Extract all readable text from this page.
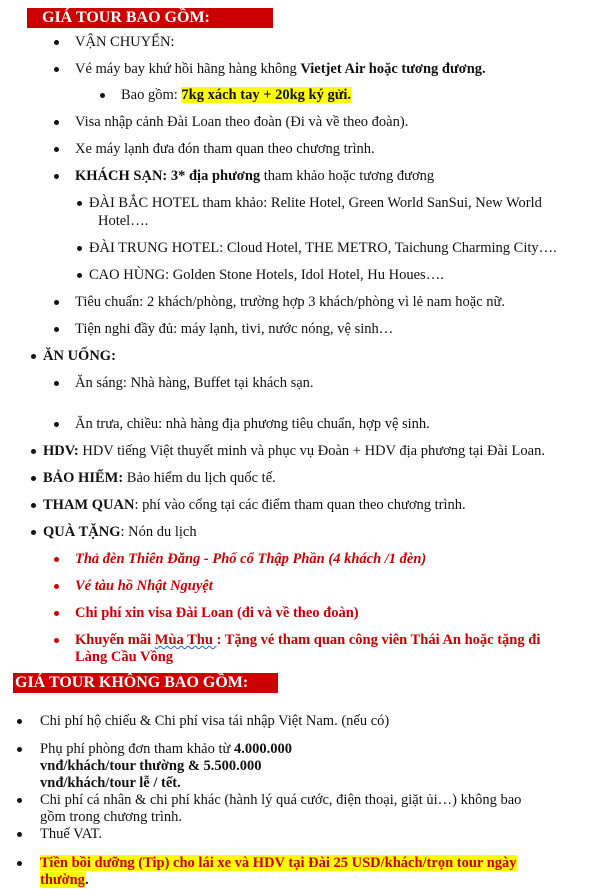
GIÁ TOUR BAO GỒM:
VẬN CHUYỂN:
Vé máy bay khứ hồi hãng hàng không Vietjet Air hoặc tương đương.
Bao gồm: 7kg xách tay + 20kg ký gửi.
Visa nhập cảnh Đài Loan theo đoàn (Đi và về theo đoàn).
Xe máy lạnh đưa đón tham quan theo chương trình.
KHÁCH SẠN: 3* địa phương tham khảo hoặc tương đương
ĐÀI BẮC HOTEL tham khảo: Relite Hotel, Green World SanSui, New World
Hotel….
ĐÀI TRUNG HOTEL: Cloud Hotel, THE METRO, Taichung Charming City….
CAO HÙNG: Golden Stone Hotels, Idol Hotel, Hu Houes….
Tiêu chuẩn: 2 khách/phòng, trường hợp 3 khách/phòng vì lẻ nam hoặc nữ.
Tiện nghi đầy đủ: máy lạnh, tivi, nước nóng, vệ sinh…
ĂN UỐNG:
Ăn sáng: Nhà hàng, Buffet tại khách sạn.
Ăn trưa, chiều: nhà hàng địa phương tiêu chuẩn, hợp vệ sinh.
HDV: HDV tiếng Việt thuyết minh và phục vụ Đoàn + HDV địa phương tại Đài Loan.
BẢO HIỂM: Bảo hiểm du lịch quốc tế.
THAM QUAN: phí vào cổng tại các điểm tham quan theo chương trình.
QUÀ TẶNG: Nón du lịch
Thả đèn Thiên Đăng - Phố cổ Thập Phần (4 khách /1 đèn)
Vé tàu hồ Nhật Nguyệt
Chi phí xin visa Đài Loan (đi và về theo đoàn)
Khuyến mãi Mùa Thu : Tặng vé tham quan công viên Thái An hoặc tặng đi
Làng Cầu Vồng
GIÁ TOUR KHÔNG BAO GỒM:
Chi phí hộ chiếu & Chi phí visa tái nhập Việt Nam. (nếu có)
Phụ phí phòng đơn tham khảo từ 4.000.000
vnđ/khách/tour thường & 5.500.000
vnđ/khách/tour lễ / tết.
Chi phí cá nhân & chi phí khác (hành lý quá cước, điện thoại, giặt ủi…) không bao
gồm trong chương trình.
Thuế VAT.
Tiền bồi dưỡng (Tip) cho lái xe và HDV tại Đài 25 USD/khách/trọn tour ngày
thường.
